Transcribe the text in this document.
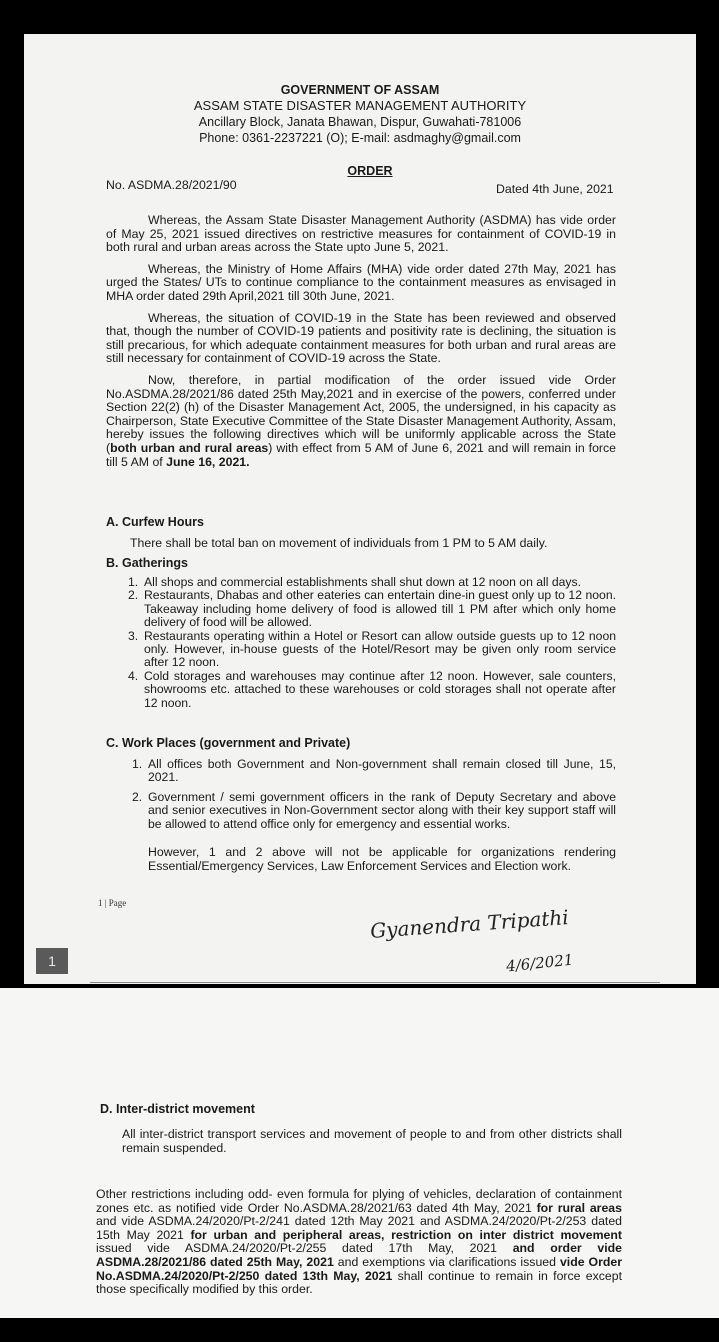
GOVERNMENT OF ASSAM
ASSAM STATE DISASTER MANAGEMENT AUTHORITY
Ancillary Block, Janata Bhawan, Dispur, Guwahati-781006
Phone: 0361-2237221 (O); E-mail: asdmaghy@gmail.com
ORDER
No. ASDMA.28/2021/90	Dated 4th June, 2021

Whereas, the Assam State Disaster Management Authority (ASDMA) has vide order of May 25, 2021 issued directives on restrictive measures for containment of COVID-19 in both rural and urban areas across the State upto June 5, 2021.

Whereas, the Ministry of Home Affairs (MHA) vide order dated 27th May, 2021 has urged the States/ UTs to continue compliance to the containment measures as envisaged in MHA order dated 29th April,2021 till 30th June, 2021.

Whereas, the situation of COVID-19 in the State has been reviewed and observed that, though the number of COVID-19 patients and positivity rate is declining, the situation is still precarious, for which adequate containment measures for both urban and rural areas are still necessary for containment of COVID-19 across the State.

Now, therefore, in partial modification of the order issued vide Order No.ASDMA.28/2021/86 dated 25th May,2021 and in exercise of the powers, conferred under Section 22(2) (h) of the Disaster Management Act, 2005, the undersigned, in his capacity as Chairperson, State Executive Committee of the State Disaster Management Authority, Assam, hereby issues the following directives which will be uniformly applicable across the State (both urban and rural areas) with effect from 5 AM of June 6, 2021 and will remain in force till 5 AM of June 16, 2021.

A. Curfew Hours
There shall be total ban on movement of individuals from 1 PM to 5 AM daily.
B. Gatherings
1. All shops and commercial establishments shall shut down at 12 noon on all days.
2. Restaurants, Dhabas and other eateries can entertain dine-in guest only up to 12 noon. Takeaway including home delivery of food is allowed till 1 PM after which only home delivery of food will be allowed.
3. Restaurants operating within a Hotel or Resort can allow outside guests up to 12 noon only. However, in-house guests of the Hotel/Resort may be given only room service after 12 noon.
4. Cold storages and warehouses may continue after 12 noon. However, sale counters, showrooms etc. attached to these warehouses or cold storages shall not operate after 12 noon.
C. Work Places (government and Private)
1. All offices both Government and Non-government shall remain closed till June, 15, 2021.
2. Government / semi government officers in the rank of Deputy Secretary and above and senior executives in Non-Government sector along with their key support staff will be allowed to attend office only for emergency and essential works.

However, 1 and 2 above will not be applicable for organizations rendering Essential/Emergency Services, Law Enforcement Services and Election work.

1 | Page
Gyanendra Tripathi
4/6/2021
1
D. Inter-district movement

All inter-district transport services and movement of people to and from other districts shall remain suspended.

Other restrictions including odd- even formula for plying of vehicles, declaration of containment zones etc. as notified vide Order No.ASDMA.28/2021/63 dated 4th May, 2021 for rural areas and vide ASDMA.24/2020/Pt-2/241 dated 12th May 2021 and ASDMA.24/2020/Pt-2/253 dated 15th May 2021 for urban and peripheral areas, restriction on inter district movement issued vide ASDMA.24/2020/Pt-2/255 dated 17th May, 2021 and order vide ASDMA.28/2021/86 dated 25th May, 2021 and exemptions via clarifications issued vide Order No.ASDMA.24/2020/Pt-2/250 dated 13th May, 2021 shall continue to remain in force except those specifically modified by this order.
